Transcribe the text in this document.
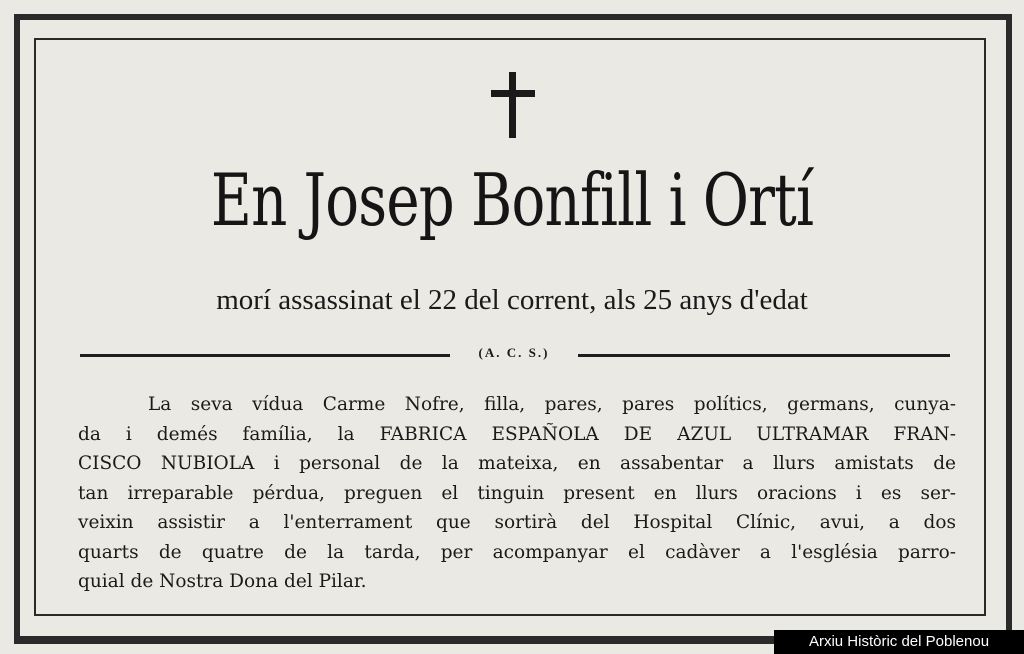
En Josep Bonfill i Ortí
morí assassinat el 22 del corrent, als 25 anys d'edat
(A. C. S.)
La seva vídua Carme Nofre, filla, pares, pares polítics, germans, cunya-
da i demés família, la FABRICA ESPAÑOLA DE AZUL ULTRAMAR FRAN-
CISCO NUBIOLA i personal de la mateixa, en assabentar a llurs amistats de
tan irreparable pérdua, preguen el tinguin present en llurs oracions i es ser-
veixin assistir a l'enterrament que sortirà del Hospital Clínic, avui, a dos
quarts de quatre de la tarda, per acompanyar el cadàver a l'església parro-
quial de Nostra Dona del Pilar.
Arxiu Històric del Poblenou
